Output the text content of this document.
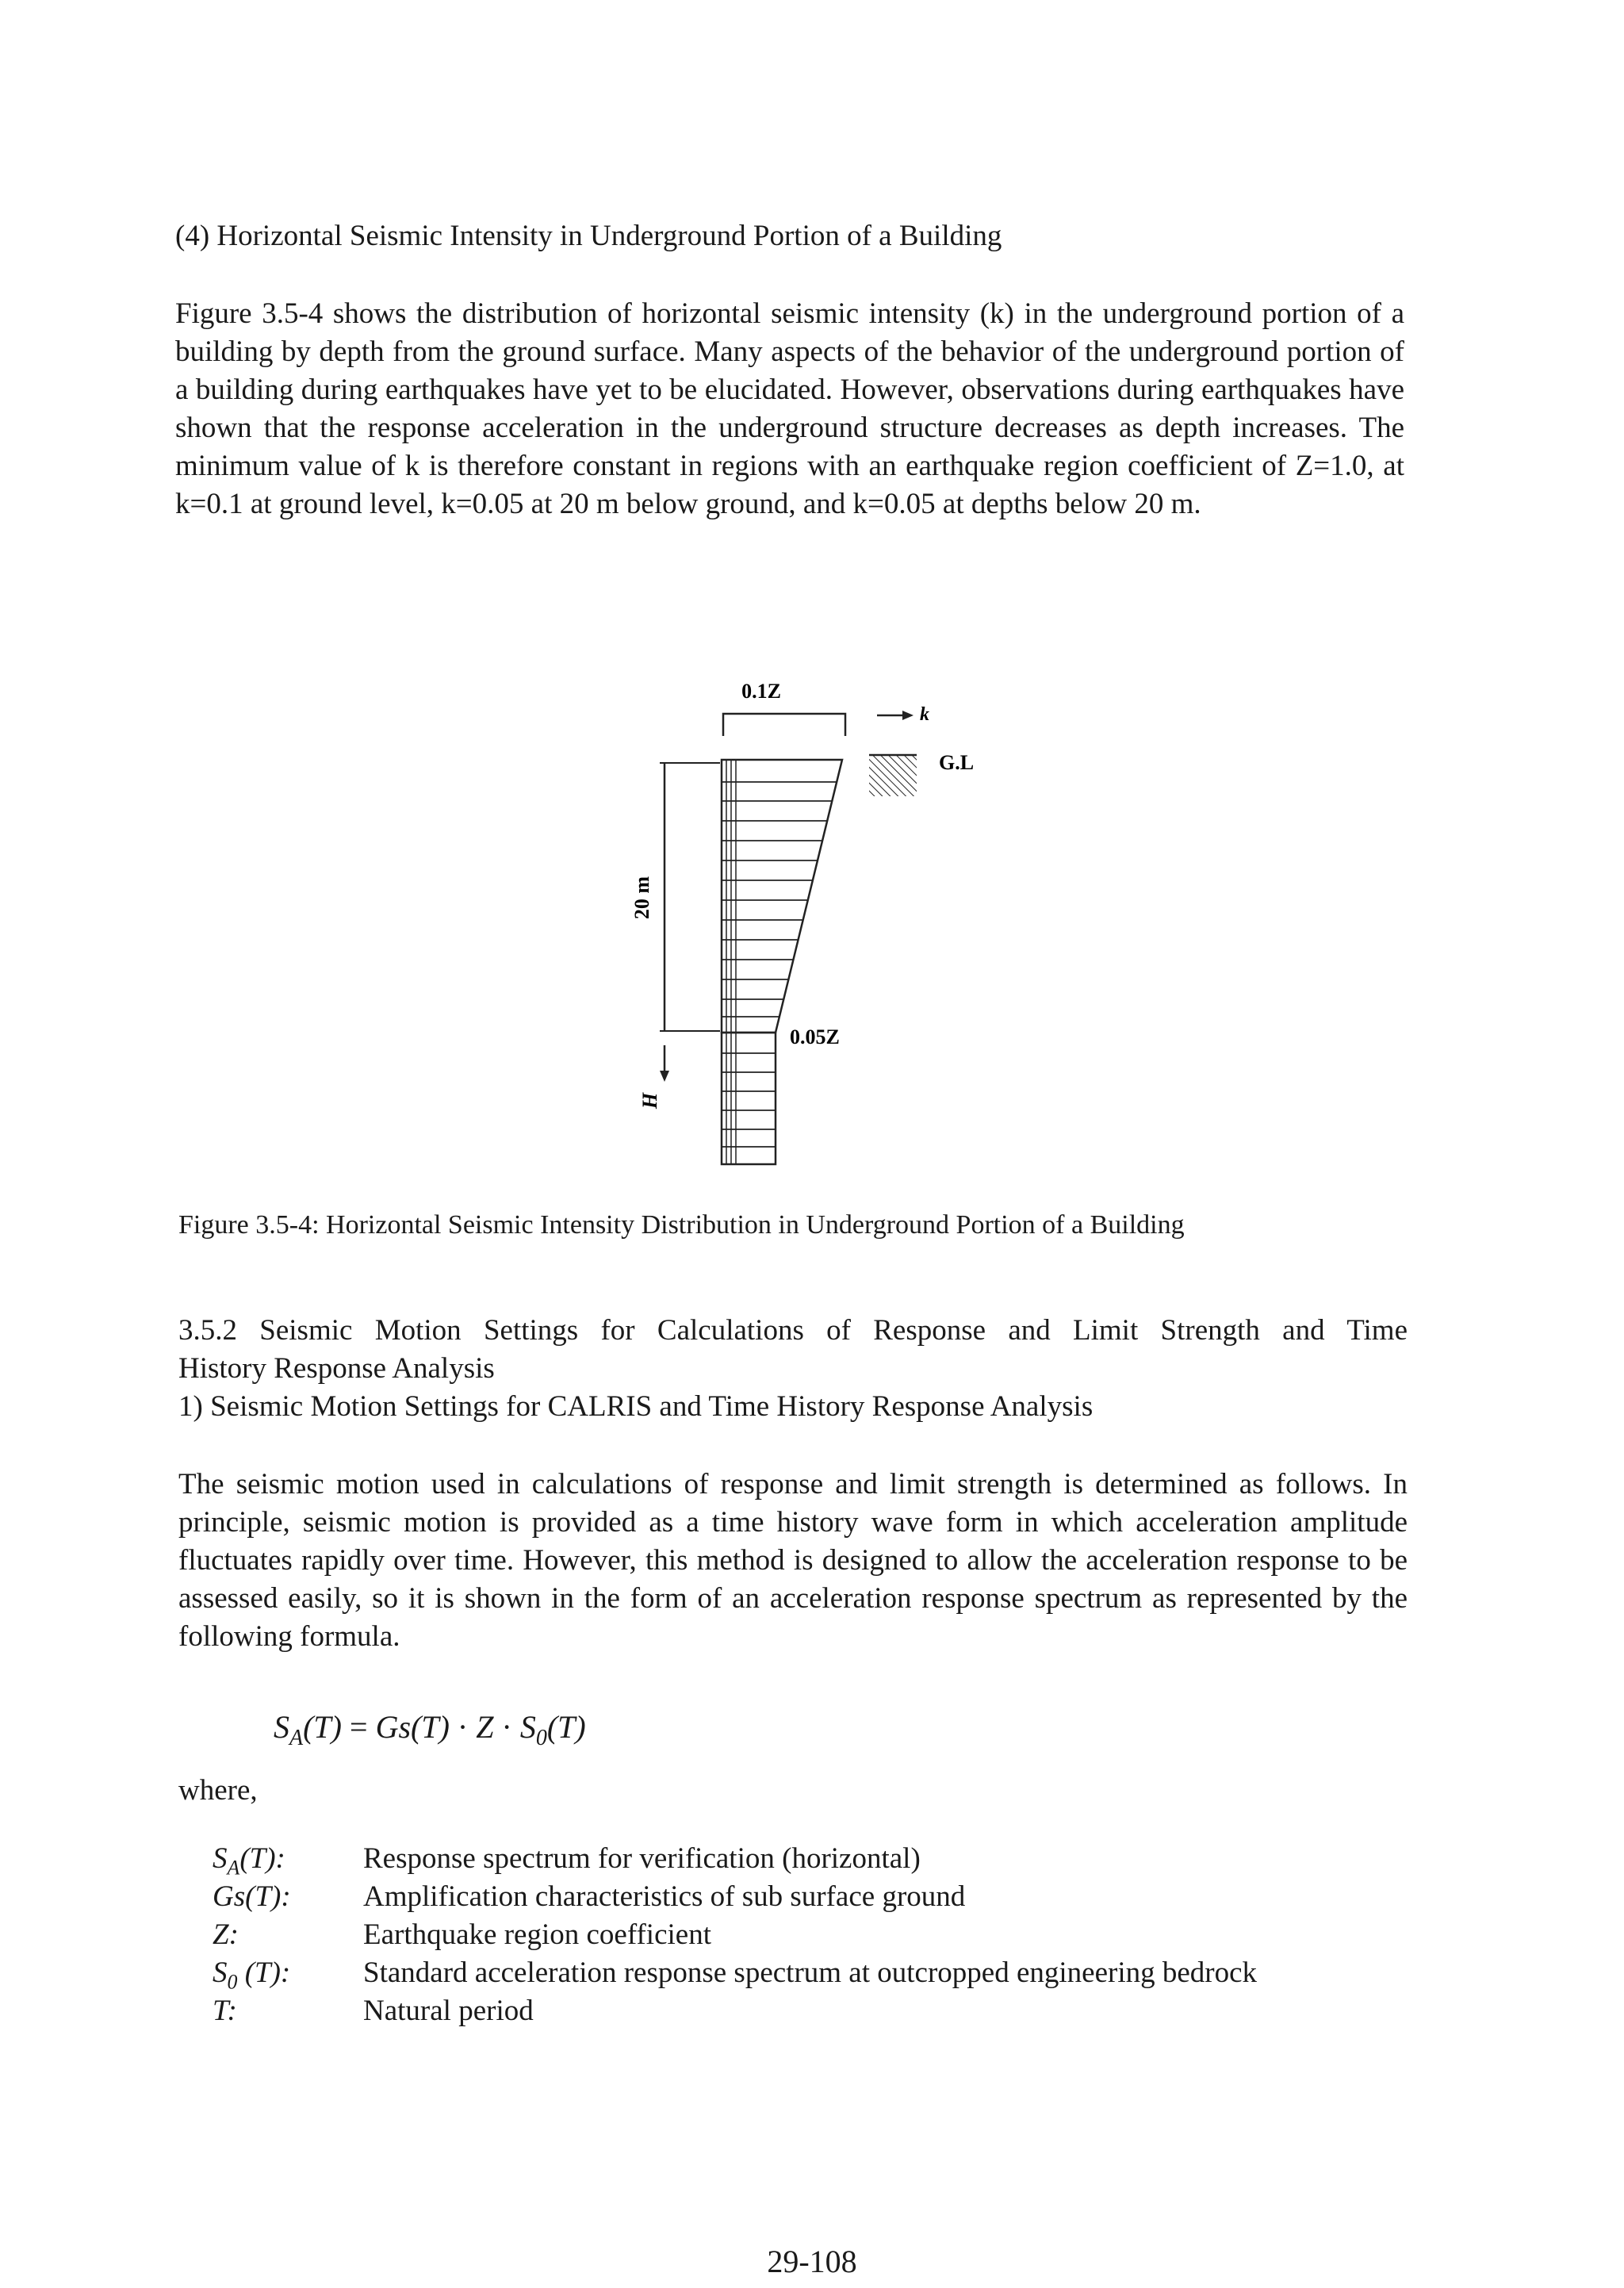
(4) Horizontal Seismic Intensity in Underground Portion of a Building
Figure 3.5-4 shows the distribution of horizontal seismic intensity (k) in the underground portion of a building by depth from the ground surface. Many aspects of the behavior of the underground portion of a building during earthquakes have yet to be elucidated. However, observations during earthquakes have shown that the response acceleration in the underground structure decreases as depth increases. The minimum value of k is therefore constant in regions with an earthquake region coefficient of Z=1.0, at k=0.1 at ground level, k=0.05 at 20 m below ground, and k=0.05 at depths below 20 m.
0.1Z
k
G.L
20 m
H
0.05Z
Figure 3.5-4: Horizontal Seismic Intensity Distribution in Underground Portion of a Building
3.5.2 Seismic Motion Settings for Calculations of Response and Limit Strength and Time
History Response Analysis
1) Seismic Motion Settings for CALRIS and Time History Response Analysis
The seismic motion used in calculations of response and limit strength is determined as follows. In principle, seismic motion is provided as a time history wave form in which acceleration amplitude fluctuates rapidly over time. However, this method is designed to allow the acceleration response to be assessed easily, so it is shown in the form of an acceleration response spectrum as represented by the following formula.
$S_A(T) = Gs(T) \cdot Z \cdot S_0(T)$
where,
$S_A(T)$:	Response spectrum for verification (horizontal)
Gs(T):	Amplification characteristics of sub surface ground
Z:	Earthquake region coefficient
$S_0$ (T):	Standard acceleration response spectrum at outcropped engineering bedrock
T:	Natural period
29-108
